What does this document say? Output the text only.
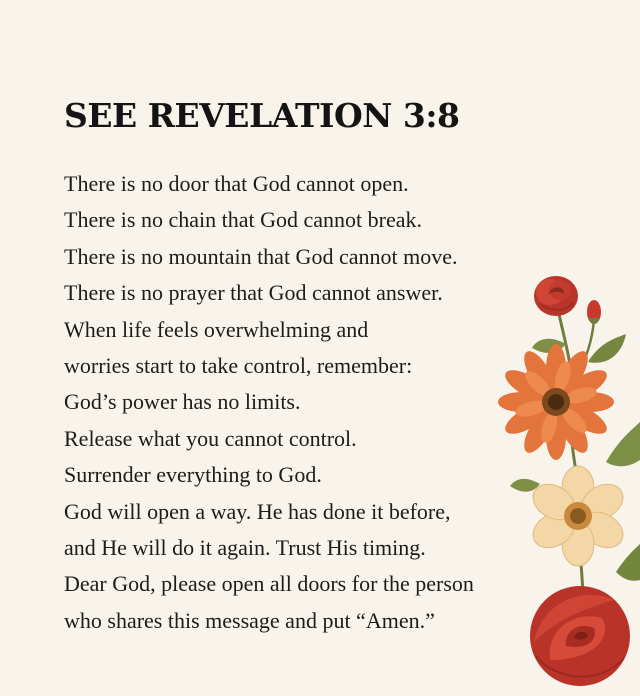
SEE REVELATION 3:8
There is no door that God cannot open.
There is no chain that God cannot break.
There is no mountain that God cannot move.
There is no prayer that God cannot answer.
When life feels overwhelming and
worries start to take control, remember:
God’s power has no limits.
Release what you cannot control.
Surrender everything to God.
God will open a way. He has done it before,
and He will do it again. Trust His timing.
Dear God, please open all doors for the person
who shares this message and put “Amen.”
